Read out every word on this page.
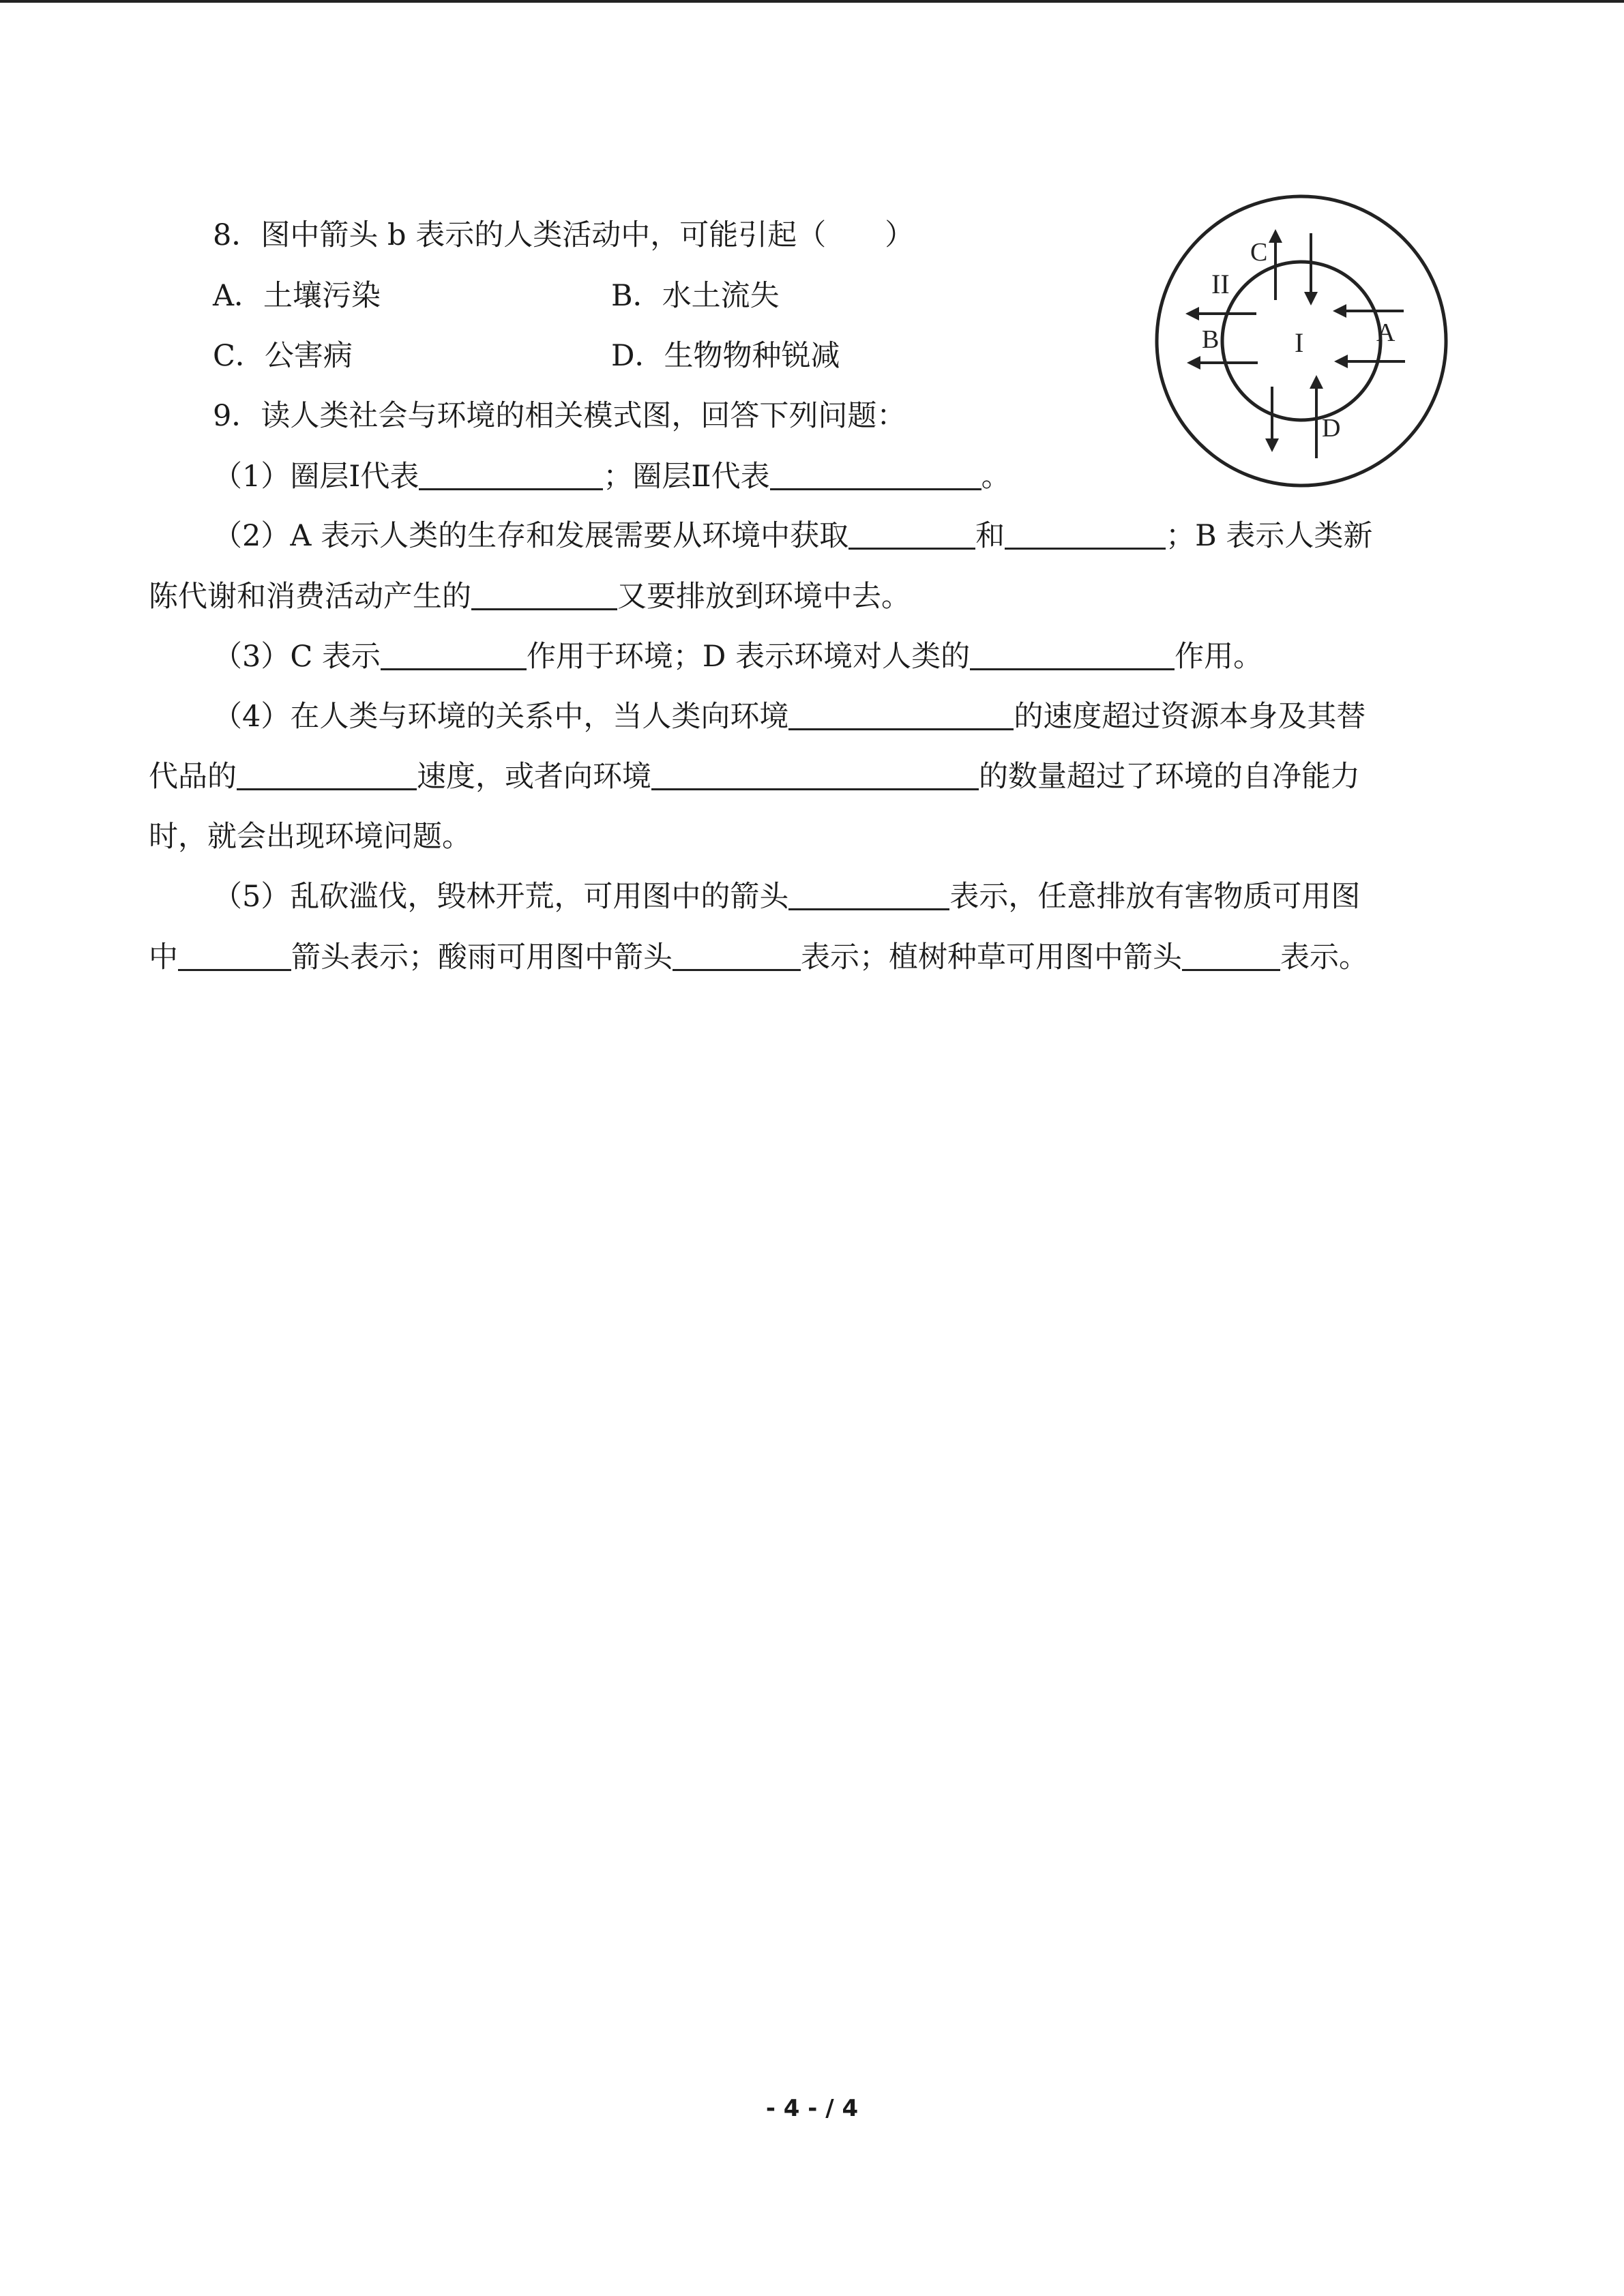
8．图中箭头 b 表示的人类活动中，可能引起（　　）
A．土壤污染	B．水土流失
C．公害病	D．生物物种锐减
9．读人类社会与环境的相关模式图，回答下列问题：
（1）圈层Ⅰ代表	；圈层Ⅱ代表	。
（2）A 表示人类的生存和发展需要从环境中获取	和	；B 表示人类新
陈代谢和消费活动产生的	又要排放到环境中去。
（3）C 表示	作用于环境；D 表示环境对人类的	作用。
（4）在人类与环境的关系中，当人类向环境	的速度超过资源本身及其替
代品的	速度，或者向环境	的数量超过了环境的自净能力
时，就会出现环境问题。
（5）乱砍滥伐，毁林开荒，可用图中的箭头	表示，任意排放有害物质可用图
中	箭头表示；酸雨可用图中箭头	表示；植树种草可用图中箭头	表示。
II
C
I	A
B
D
- 4 - / 4
